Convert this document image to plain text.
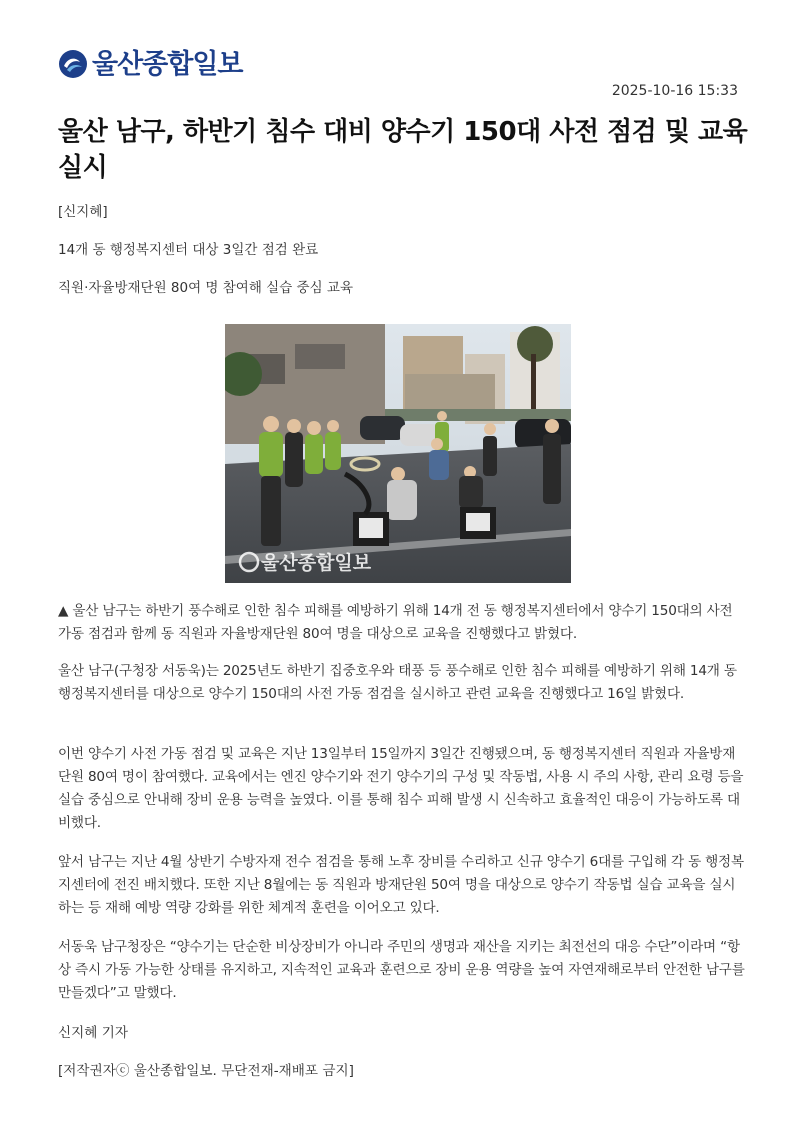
울산종합일보
2025-10-16 15:33
울산 남구, 하반기 침수 대비 양수기 150대 사전 점검 및 교육 실시

[신지혜]

14개 동 행정복지센터 대상 3일간 점검 완료

직원·자율방재단원 80여 명 참여해 실습 중심 교육

울산종합일보

▲ 울산 남구는 하반기 풍수해로 인한 침수 피해를 예방하기 위해 14개 전 동 행정복지센터에서 양수기 150대의 사전 가동 점검과 함께 동 직원과 자율방재단원 80여 명을 대상으로 교육을 진행했다고 밝혔다.

울산 남구(구청장 서동욱)는 2025년도 하반기 집중호우와 태풍 등 풍수해로 인한 침수 피해를 예방하기 위해 14개 동 행정복지센터를 대상으로 양수기 150대의 사전 가동 점검을 실시하고 관련 교육을 진행했다고 16일 밝혔다.

이번 양수기 사전 가동 점검 및 교육은 지난 13일부터 15일까지 3일간 진행됐으며, 동 행정복지센터 직원과 자율방재단원 80여 명이 참여했다. 교육에서는 엔진 양수기와 전기 양수기의 구성 및 작동법, 사용 시 주의 사항, 관리 요령 등을 실습 중심으로 안내해 장비 운용 능력을 높였다. 이를 통해 침수 피해 발생 시 신속하고 효율적인 대응이 가능하도록 대비했다.

앞서 남구는 지난 4월 상반기 수방자재 전수 점검을 통해 노후 장비를 수리하고 신규 양수기 6대를 구입해 각 동 행정복지센터에 전진 배치했다. 또한 지난 8월에는 동 직원과 방재단원 50여 명을 대상으로 양수기 작동법 실습 교육을 실시하는 등 재해 예방 역량 강화를 위한 체계적 훈련을 이어오고 있다.

서동욱 남구청장은 “양수기는 단순한 비상장비가 아니라 주민의 생명과 재산을 지키는 최전선의 대응 수단”이라며 “항상 즉시 가동 가능한 상태를 유지하고, 지속적인 교육과 훈련으로 장비 운용 역량을 높여 자연재해로부터 안전한 남구를 만들겠다”고 말했다.

신지혜 기자

[저작권자ⓒ 울산종합일보. 무단전재-재배포 금지]
